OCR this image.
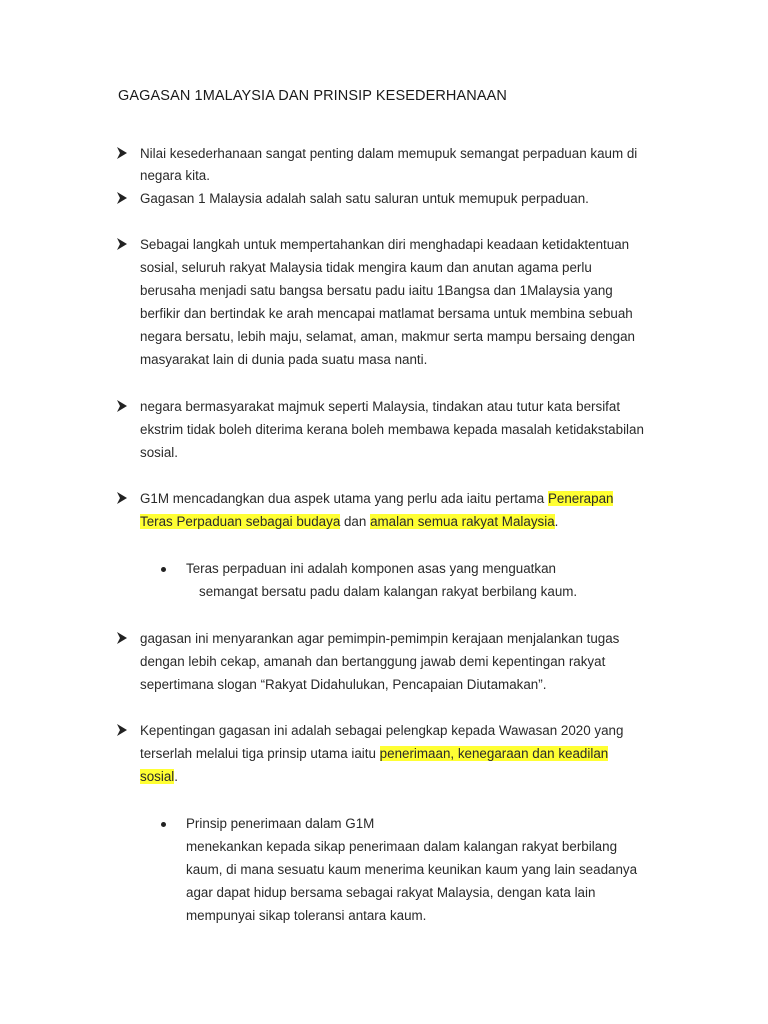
GAGASAN 1MALAYSIA DAN PRINSIP KESEDERHANAAN
Nilai kesederhanaan sangat penting dalam memupuk semangat perpaduan kaum di
negara kita.
Gagasan 1 Malaysia adalah salah satu saluran untuk memupuk perpaduan.
Sebagai langkah untuk mempertahankan diri menghadapi keadaan ketidaktentuan
sosial, seluruh rakyat Malaysia tidak mengira kaum dan anutan agama perlu
berusaha menjadi satu bangsa bersatu padu iaitu 1Bangsa dan 1Malaysia yang
berfikir dan bertindak ke arah mencapai matlamat bersama untuk membina sebuah
negara bersatu, lebih maju, selamat, aman, makmur serta mampu bersaing dengan
masyarakat lain di dunia pada suatu masa nanti.
negara bermasyarakat majmuk seperti Malaysia, tindakan atau tutur kata bersifat
ekstrim tidak boleh diterima kerana boleh membawa kepada masalah ketidakstabilan
sosial.
G1M mencadangkan dua aspek utama yang perlu ada iaitu pertama Penerapan
Teras Perpaduan sebagai budaya dan amalan semua rakyat Malaysia.
Teras perpaduan ini adalah komponen asas yang menguatkan
semangat bersatu padu dalam kalangan rakyat berbilang kaum.
gagasan ini menyarankan agar pemimpin-pemimpin kerajaan menjalankan tugas
dengan lebih cekap, amanah dan bertanggung jawab demi kepentingan rakyat
sepertimana slogan “Rakyat Didahulukan, Pencapaian Diutamakan”.
Kepentingan gagasan ini adalah sebagai pelengkap kepada Wawasan 2020 yang
terserlah melalui tiga prinsip utama iaitu penerimaan, kenegaraan dan keadilan
sosial.
Prinsip penerimaan dalam G1M
menekankan kepada sikap penerimaan dalam kalangan rakyat berbilang
kaum, di mana sesuatu kaum menerima keunikan kaum yang lain seadanya
agar dapat hidup bersama sebagai rakyat Malaysia, dengan kata lain
mempunyai sikap toleransi antara kaum.
